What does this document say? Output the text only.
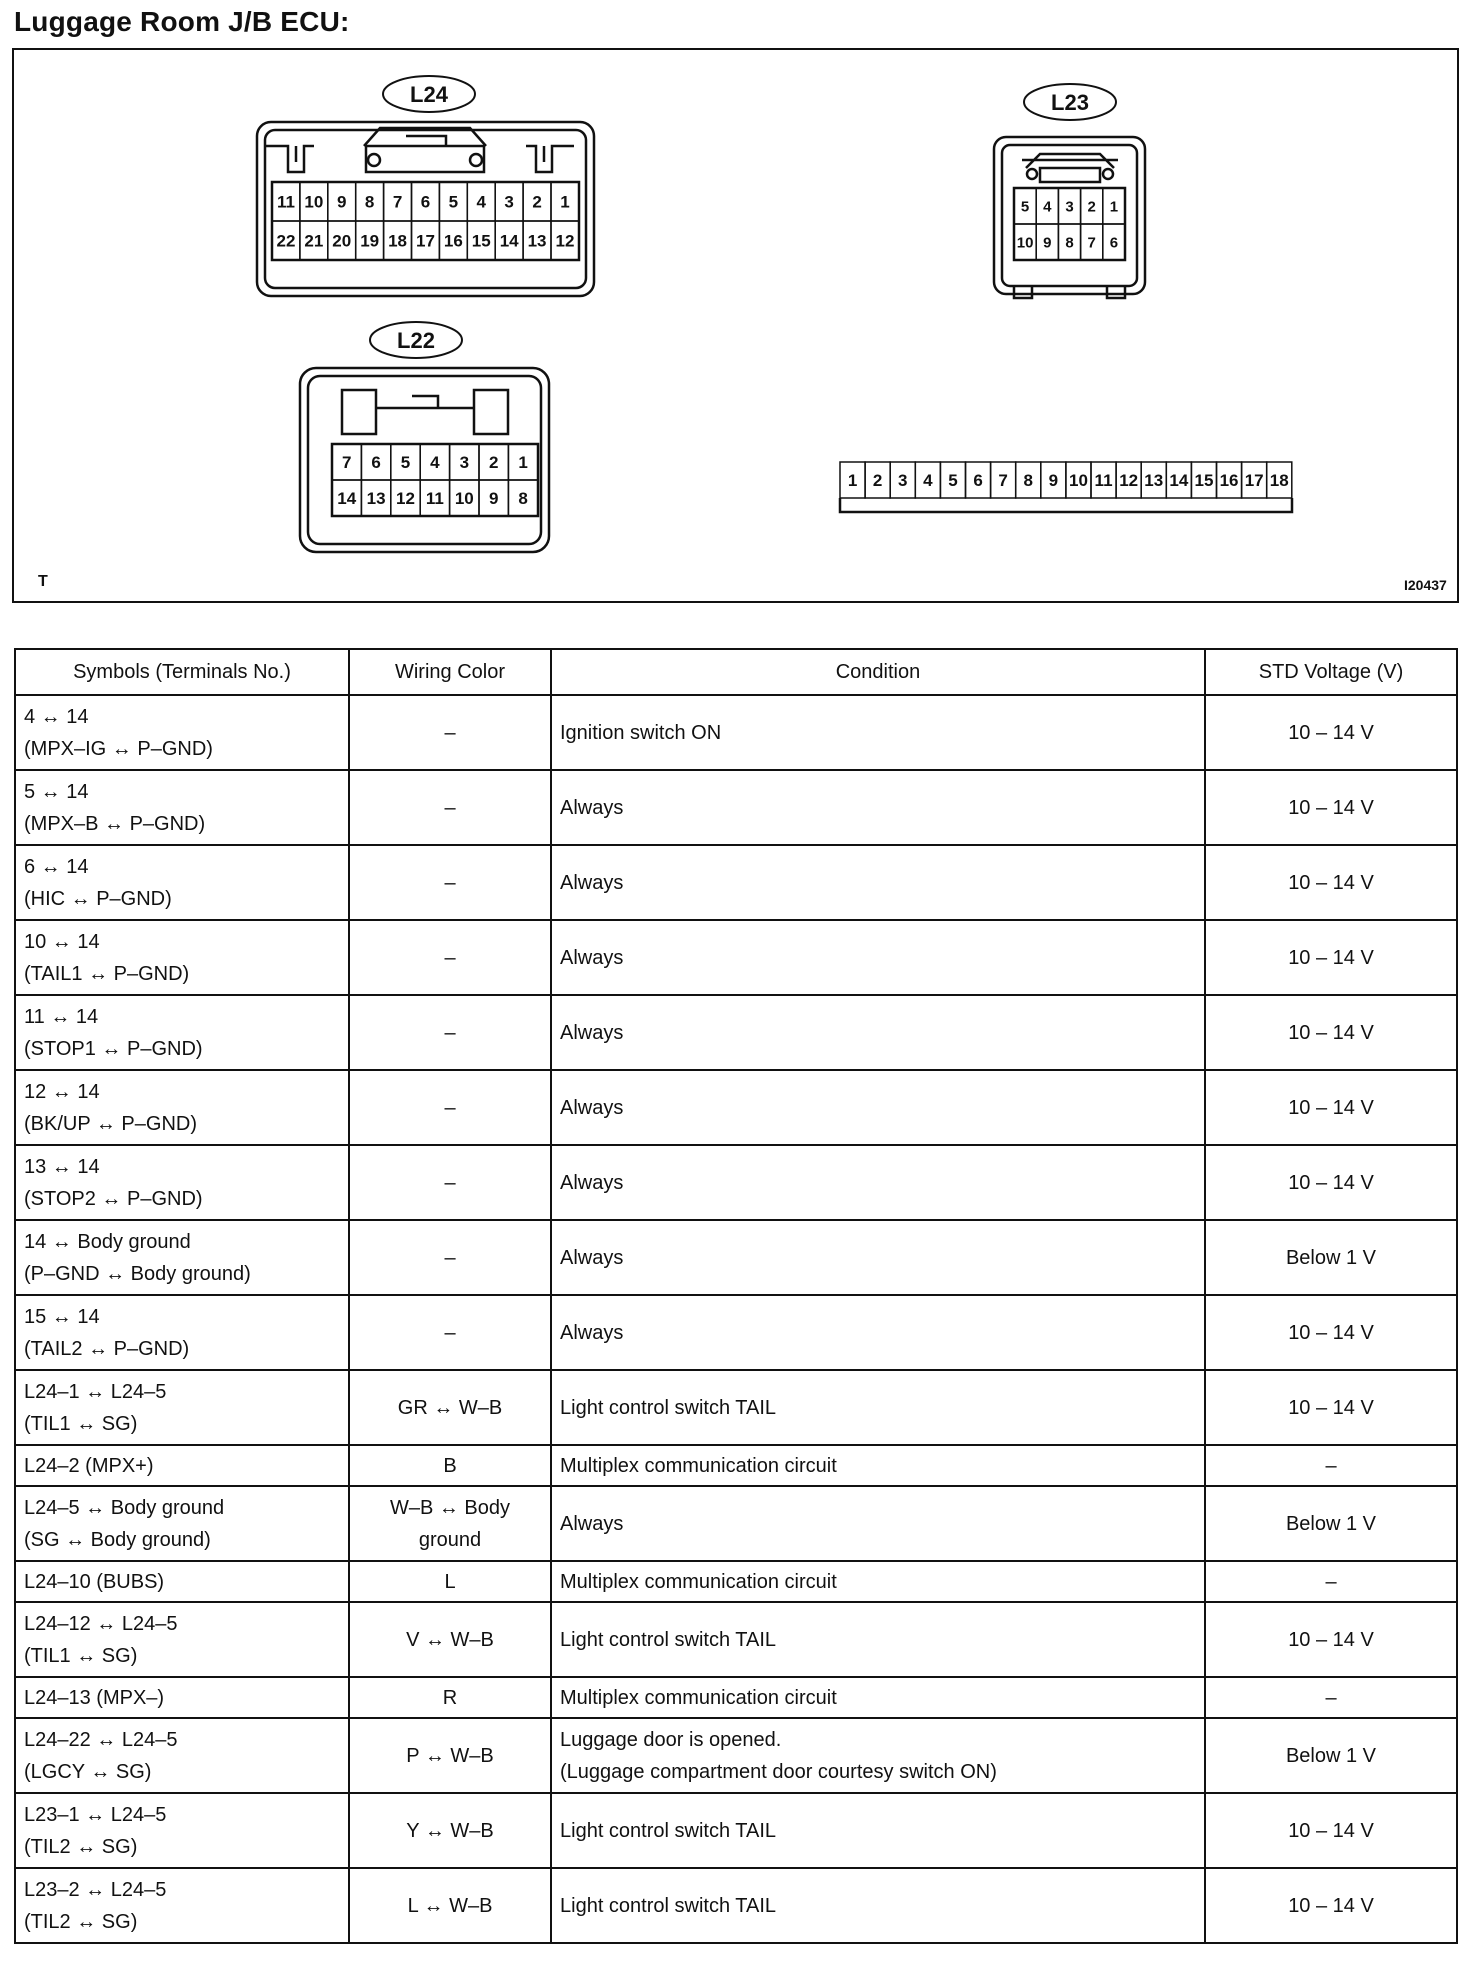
Luggage Room J/B ECU:
L24
11 10 9 8 7 6 5 4 3 2 1
22 21 20 19 18 17 16 15 14 13 12
L23
5 4 3 2 1
10 9 8 7 6
L22
7 6 5 4 3 2 1
14 13 12 11 10 9 8
1 2 3 4 5 6 7 8 9 10 11 12 13 14 15 16 17 18
T	I20437
Symbols (Terminals No.)	Wiring Color	Condition	STD Voltage (V)

4 ↔ 14
(MPX–IG ↔ P–GND)	–	Ignition switch ON	10 – 14 V

5 ↔ 14
(MPX–B ↔ P–GND)	–	Always	10 – 14 V

6 ↔ 14
(HIC ↔ P–GND)	–	Always	10 – 14 V

10 ↔ 14
(TAIL1 ↔ P–GND)	–	Always	10 – 14 V

11 ↔ 14
(STOP1 ↔ P–GND)	–	Always	10 – 14 V

12 ↔ 14
(BK/UP ↔ P–GND)	–	Always	10 – 14 V

13 ↔ 14
(STOP2 ↔ P–GND)	–	Always	10 – 14 V

14 ↔ Body ground
(P–GND ↔ Body ground)	–	Always	Below 1 V

15 ↔ 14
(TAIL2 ↔ P–GND)	–	Always	10 – 14 V

L24–1 ↔ L24–5
(TIL1 ↔ SG)	GR ↔ W–B	Light control switch TAIL	10 – 14 V

L24–2 (MPX+)	B	Multiplex communication circuit	–

L24–5 ↔ Body ground
(SG ↔ Body ground)	W–B ↔ Body
ground	Always	Below 1 V

L24–10 (BUBS)	L	Multiplex communication circuit	–

L24–12 ↔ L24–5
(TIL1 ↔ SG)	V ↔ W–B	Light control switch TAIL	10 – 14 V

L24–13 (MPX–)	R	Multiplex communication circuit	–

L24–22 ↔ L24–5
(LGCY ↔ SG)	P ↔ W–B	Luggage door is opened.
(Luggage compartment door courtesy switch ON)	Below 1 V

L23–1 ↔ L24–5
(TIL2 ↔ SG)	Y ↔ W–B	Light control switch TAIL	10 – 14 V

L23–2 ↔ L24–5
(TIL2 ↔ SG)	L ↔ W–B	Light control switch TAIL	10 – 14 V
